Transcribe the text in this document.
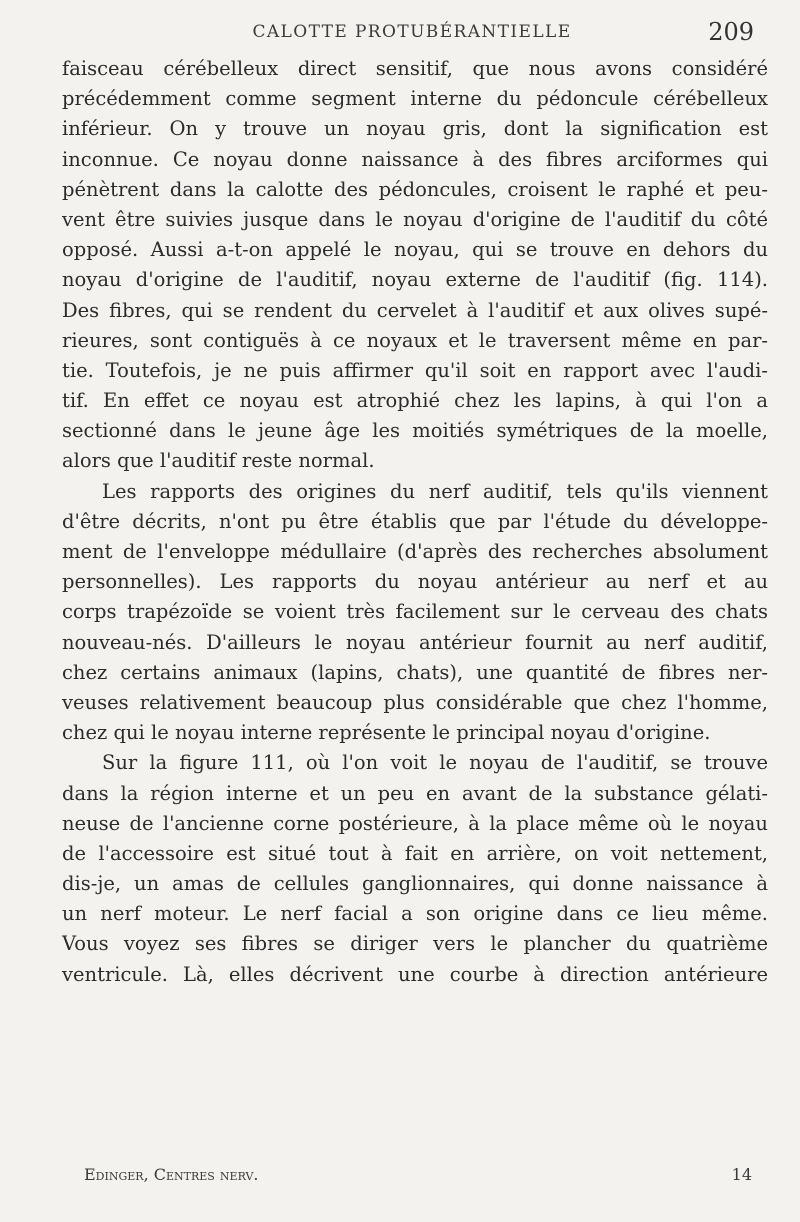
CALOTTE PROTUBÉRANTIELLE	209
faisceau cérébelleux direct sensitif, que nous avons considéré
précédemment comme segment interne du pédoncule cérébelleux
inférieur. On y trouve un noyau gris, dont la signification est
inconnue. Ce noyau donne naissance à des fibres arciformes qui
pénètrent dans la calotte des pédoncules, croisent le raphé et peu-
vent être suivies jusque dans le noyau d'origine de l'auditif du côté
opposé. Aussi a-t-on appelé le noyau, qui se trouve en dehors du
noyau d'origine de l'auditif, noyau externe de l'auditif (fig. 114).
Des fibres, qui se rendent du cervelet à l'auditif et aux olives supé-
rieures, sont contiguës à ce noyaux et le traversent même en par-
tie. Toutefois, je ne puis affirmer qu'il soit en rapport avec l'audi-
tif. En effet ce noyau est atrophié chez les lapins, à qui l'on a
sectionné dans le jeune âge les moitiés symétriques de la moelle,
alors que l'auditif reste normal.
Les rapports des origines du nerf auditif, tels qu'ils viennent
d'être décrits, n'ont pu être établis que par l'étude du développe-
ment de l'enveloppe médullaire (d'après des recherches absolument
personnelles). Les rapports du noyau antérieur au nerf et au
corps trapézoïde se voient très facilement sur le cerveau des chats
nouveau-nés. D'ailleurs le noyau antérieur fournit au nerf auditif,
chez certains animaux (lapins, chats), une quantité de fibres ner-
veuses relativement beaucoup plus considérable que chez l'homme,
chez qui le noyau interne représente le principal noyau d'origine.
Sur la figure 111, où l'on voit le noyau de l'auditif, se trouve
dans la région interne et un peu en avant de la substance gélati-
neuse de l'ancienne corne postérieure, à la place même où le noyau
de l'accessoire est situé tout à fait en arrière, on voit nettement,
dis-je, un amas de cellules ganglionnaires, qui donne naissance à
un nerf moteur. Le nerf facial a son origine dans ce lieu même.
Vous voyez ses fibres se diriger vers le plancher du quatrième
ventricule. Là, elles décrivent une courbe à direction antérieure
Edinger, Centres nerv.	14
